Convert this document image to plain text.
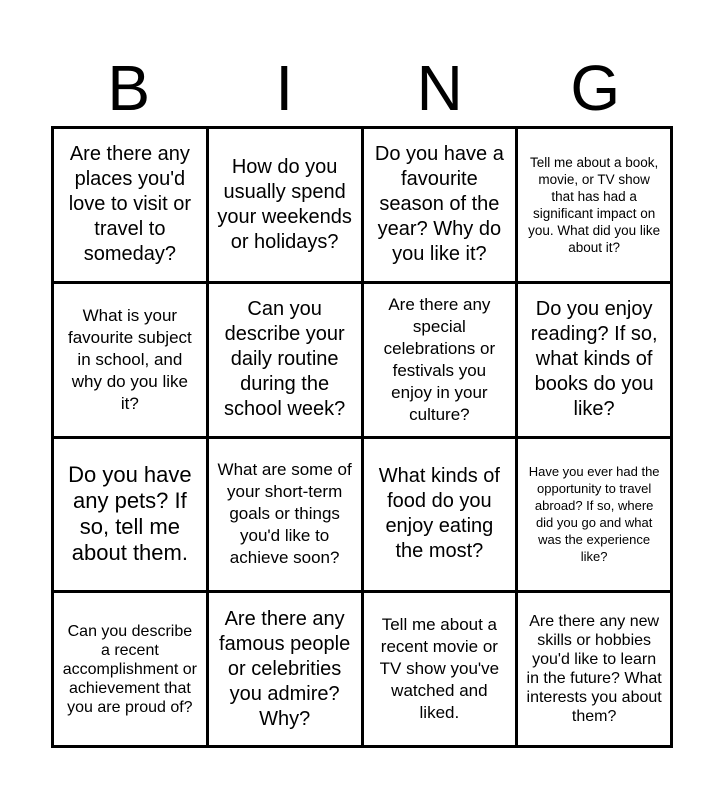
B	I	N	G
Are there any places you'd love to visit or travel to someday?
How do you usually spend your weekends or holidays?
Do you have a favourite season of the year? Why do you like it?
Tell me about a book, movie, or TV show that has had a significant impact on you. What did you like about it?
What is your favourite subject in school, and why do you like it?
Can you describe your daily routine during the school week?
Are there any special celebrations or festivals you enjoy in your culture?
Do you enjoy reading? If so, what kinds of books do you like?
Do you have any pets? If so, tell me about them.
What are some of your short-term goals or things you'd like to achieve soon?
What kinds of food do you enjoy eating the most?
Have you ever had the opportunity to travel abroad? If so, where did you go and what was the experience like?
Can you describe a recent accomplishment or achievement that you are proud of?
Are there any famous people or celebrities you admire? Why?
Tell me about a recent movie or TV show you've watched and liked.
Are there any new skills or hobbies you'd like to learn in the future? What interests you about them?
